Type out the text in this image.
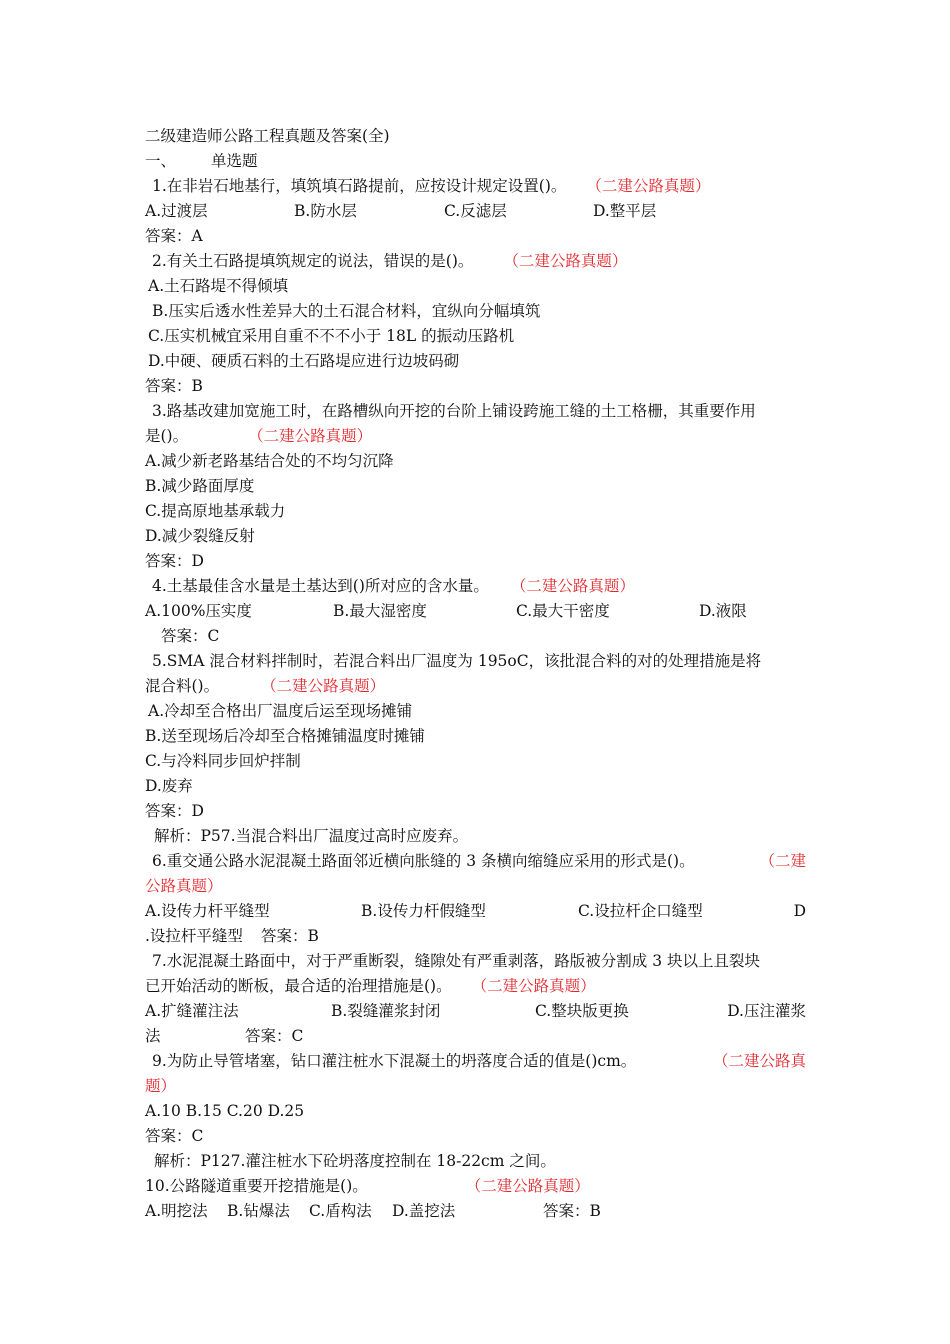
二级建造师公路工程真题及答案(全)
一、 单选题
1.在非岩石地基行，填筑填石路提前，应按设计规定设置()。 （二建公路真题）
A.过渡层	B.防水层	C.反滤层	D.整平层
答案：A
2.有关土石路提填筑规定的说法，错误的是()。 （二建公路真题）
A.土石路堤不得倾填
B.压实后透水性差异大的土石混合材料，宜纵向分幅填筑
C.压实机械宜采用自重不不不小于 18L 的振动压路机
D.中硬、硬质石料的土石路堤应进行边坡码砌
答案：B
3.路基改建加宽施工时，在路槽纵向开挖的台阶上铺设跨施工缝的土工格栅，其重要作用
是()。	（二建公路真题）
A.减少新老路基结合处的不均匀沉降
B.减少路面厚度
C.提高原地基承载力
D.减少裂缝反射
答案：D
4.土基最佳含水量是土基达到()所对应的含水量。 （二建公路真题）
A.100%压实度	B.最大湿密度	C.最大干密度	D.液限
答案：C
5.SMA 混合材料拌制时，若混合料出厂温度为 195oC，该批混合料的对的处理措施是将
混合料()。	（二建公路真题）
A.冷却至合格出厂温度后运至现场摊铺
B.送至现场后冷却至合格摊铺温度时摊铺
C.与冷料同步回炉拌制
D.废弃
答案：D
解析：P57.当混合料出厂温度过高时应废弃。
6.重交通公路水泥混凝土路面邻近横向胀缝的 3 条横向缩缝应采用的形式是()。	（二建
公路真题）
A.设传力杆平缝型	B.设传力杆假缝型	C.设拉杆企口缝型	D
.设拉杆平缝型 答案：B
7.水泥混凝土路面中，对于严重断裂，缝隙处有严重剥落，路版被分割成 3 块以上且裂块
已开始活动的断板，最合适的治理措施是()。 （二建公路真题）
A.扩缝灌注法	B.裂缝灌浆封闭	C.整块版更换	D.压注灌浆
法	答案：C
9.为防止导管堵塞，钻口灌注桩水下混凝土的坍落度合适的值是()cm。	（二建公路真
题）
A.10 B.15 C.20 D.25
答案：C
解析：P127.灌注桩水下砼坍落度控制在 18-22cm 之间。
10.公路隧道重要开挖措施是()。	（二建公路真题）
A.明挖法 B.钻爆法 C.盾构法 D.盖挖法	答案：B
